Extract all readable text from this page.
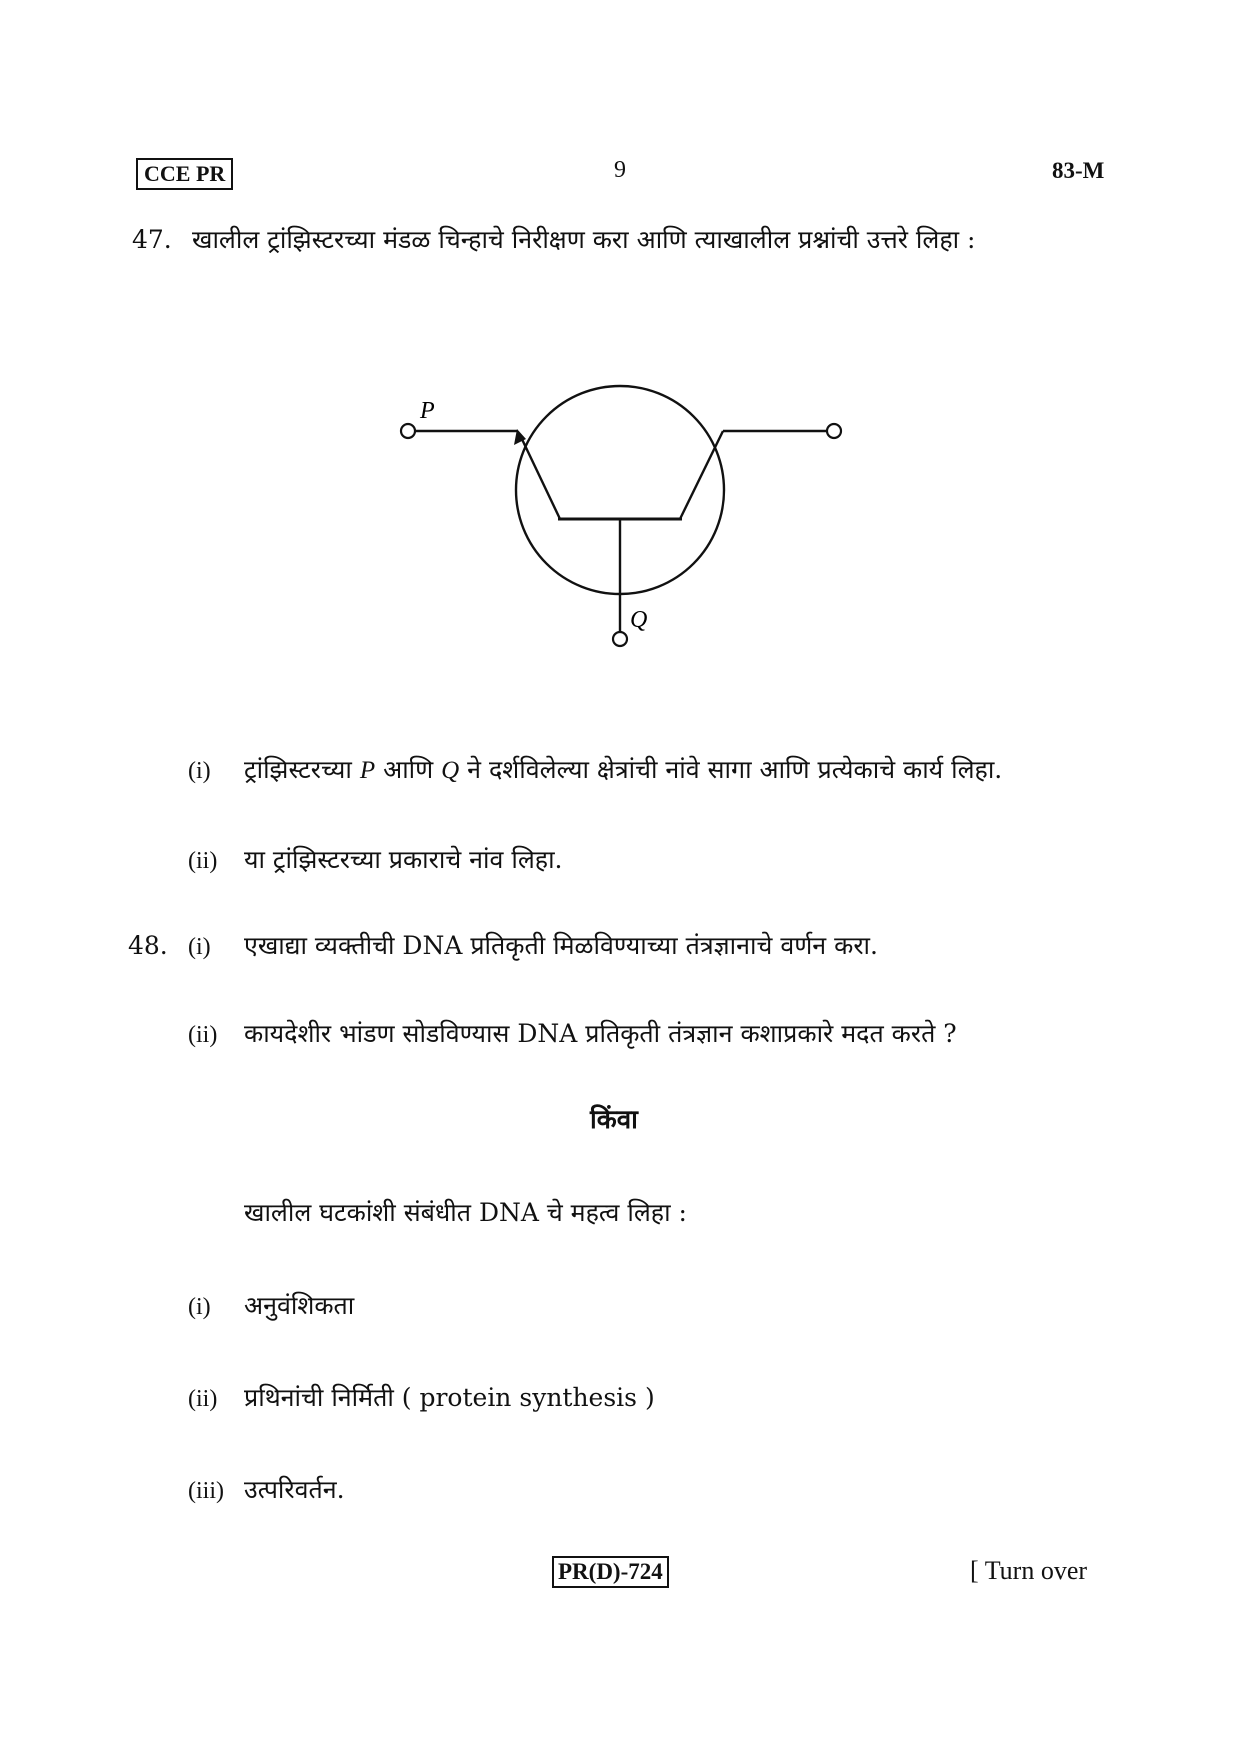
CCE PR	9	83-M
47. खालील ट्रांझिस्टरच्या मंडळ चिन्हाचे निरीक्षण करा आणि त्याखालील प्रश्नांची उत्तरे लिहा :
P
Q
(i) ट्रांझिस्टरच्या P आणि Q ने दर्शविलेल्या क्षेत्रांची नांवे सागा आणि प्रत्येकाचे कार्य लिहा.
(ii) या ट्रांझिस्टरच्या प्रकाराचे नांव लिहा.
48. (i) एखाद्या व्यक्तीची DNA प्रतिकृती मिळविण्याच्या तंत्रज्ञानाचे वर्णन करा.
(ii) कायदेशीर भांडण सोडविण्यास DNA प्रतिकृती तंत्रज्ञान कशाप्रकारे मदत करते ?
किंवा
खालील घटकांशी संबंधीत DNA चे महत्व लिहा :
(i) अनुवंशिकता
(ii) प्रथिनांची निर्मिती ( protein synthesis )
(iii) उत्परिवर्तन.
PR(D)-724	[ Turn over
